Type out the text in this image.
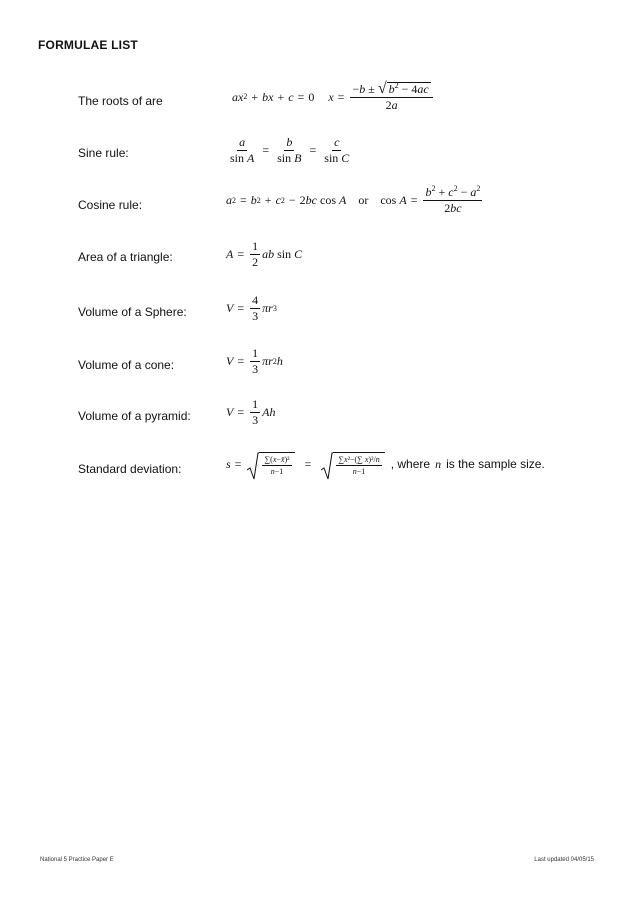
FORMULAE LIST
The roots of are	ax 2 + bx + c = 0 $x = \frac{-b \pm √ b^2 - 4ac}{2a}$
Sine rule:	$\frac{a}{\text{sin A}} = \frac{b}{\text{sin B}} = \frac{c}{\text{sin C}}$
Cosine rule:	a 2 = b 2 + c 2 − 2bc cos A or $\cos A = \frac{b^2 + c^2 - a^2}{2bc}$
Area of a triangle:	$A = \frac{1}{2}$ ab sin C
Volume of a Sphere:	$V = \frac{4}{3}$ πr 3
Volume of a cone:	$V = \frac{1}{3}$ πr 2 h
Volume of a pyramid:	$V = \frac{1}{3}$ Ah
Standard deviation:	s =	$\frac{\text{∑(x−x̄)²}}{n-1}$ =	$\frac{\text{∑x²−(∑ x)²/n}}{n-1}$ , where n is the sample size.
National 5 Practice Paper E	Last updated 04/05/15
